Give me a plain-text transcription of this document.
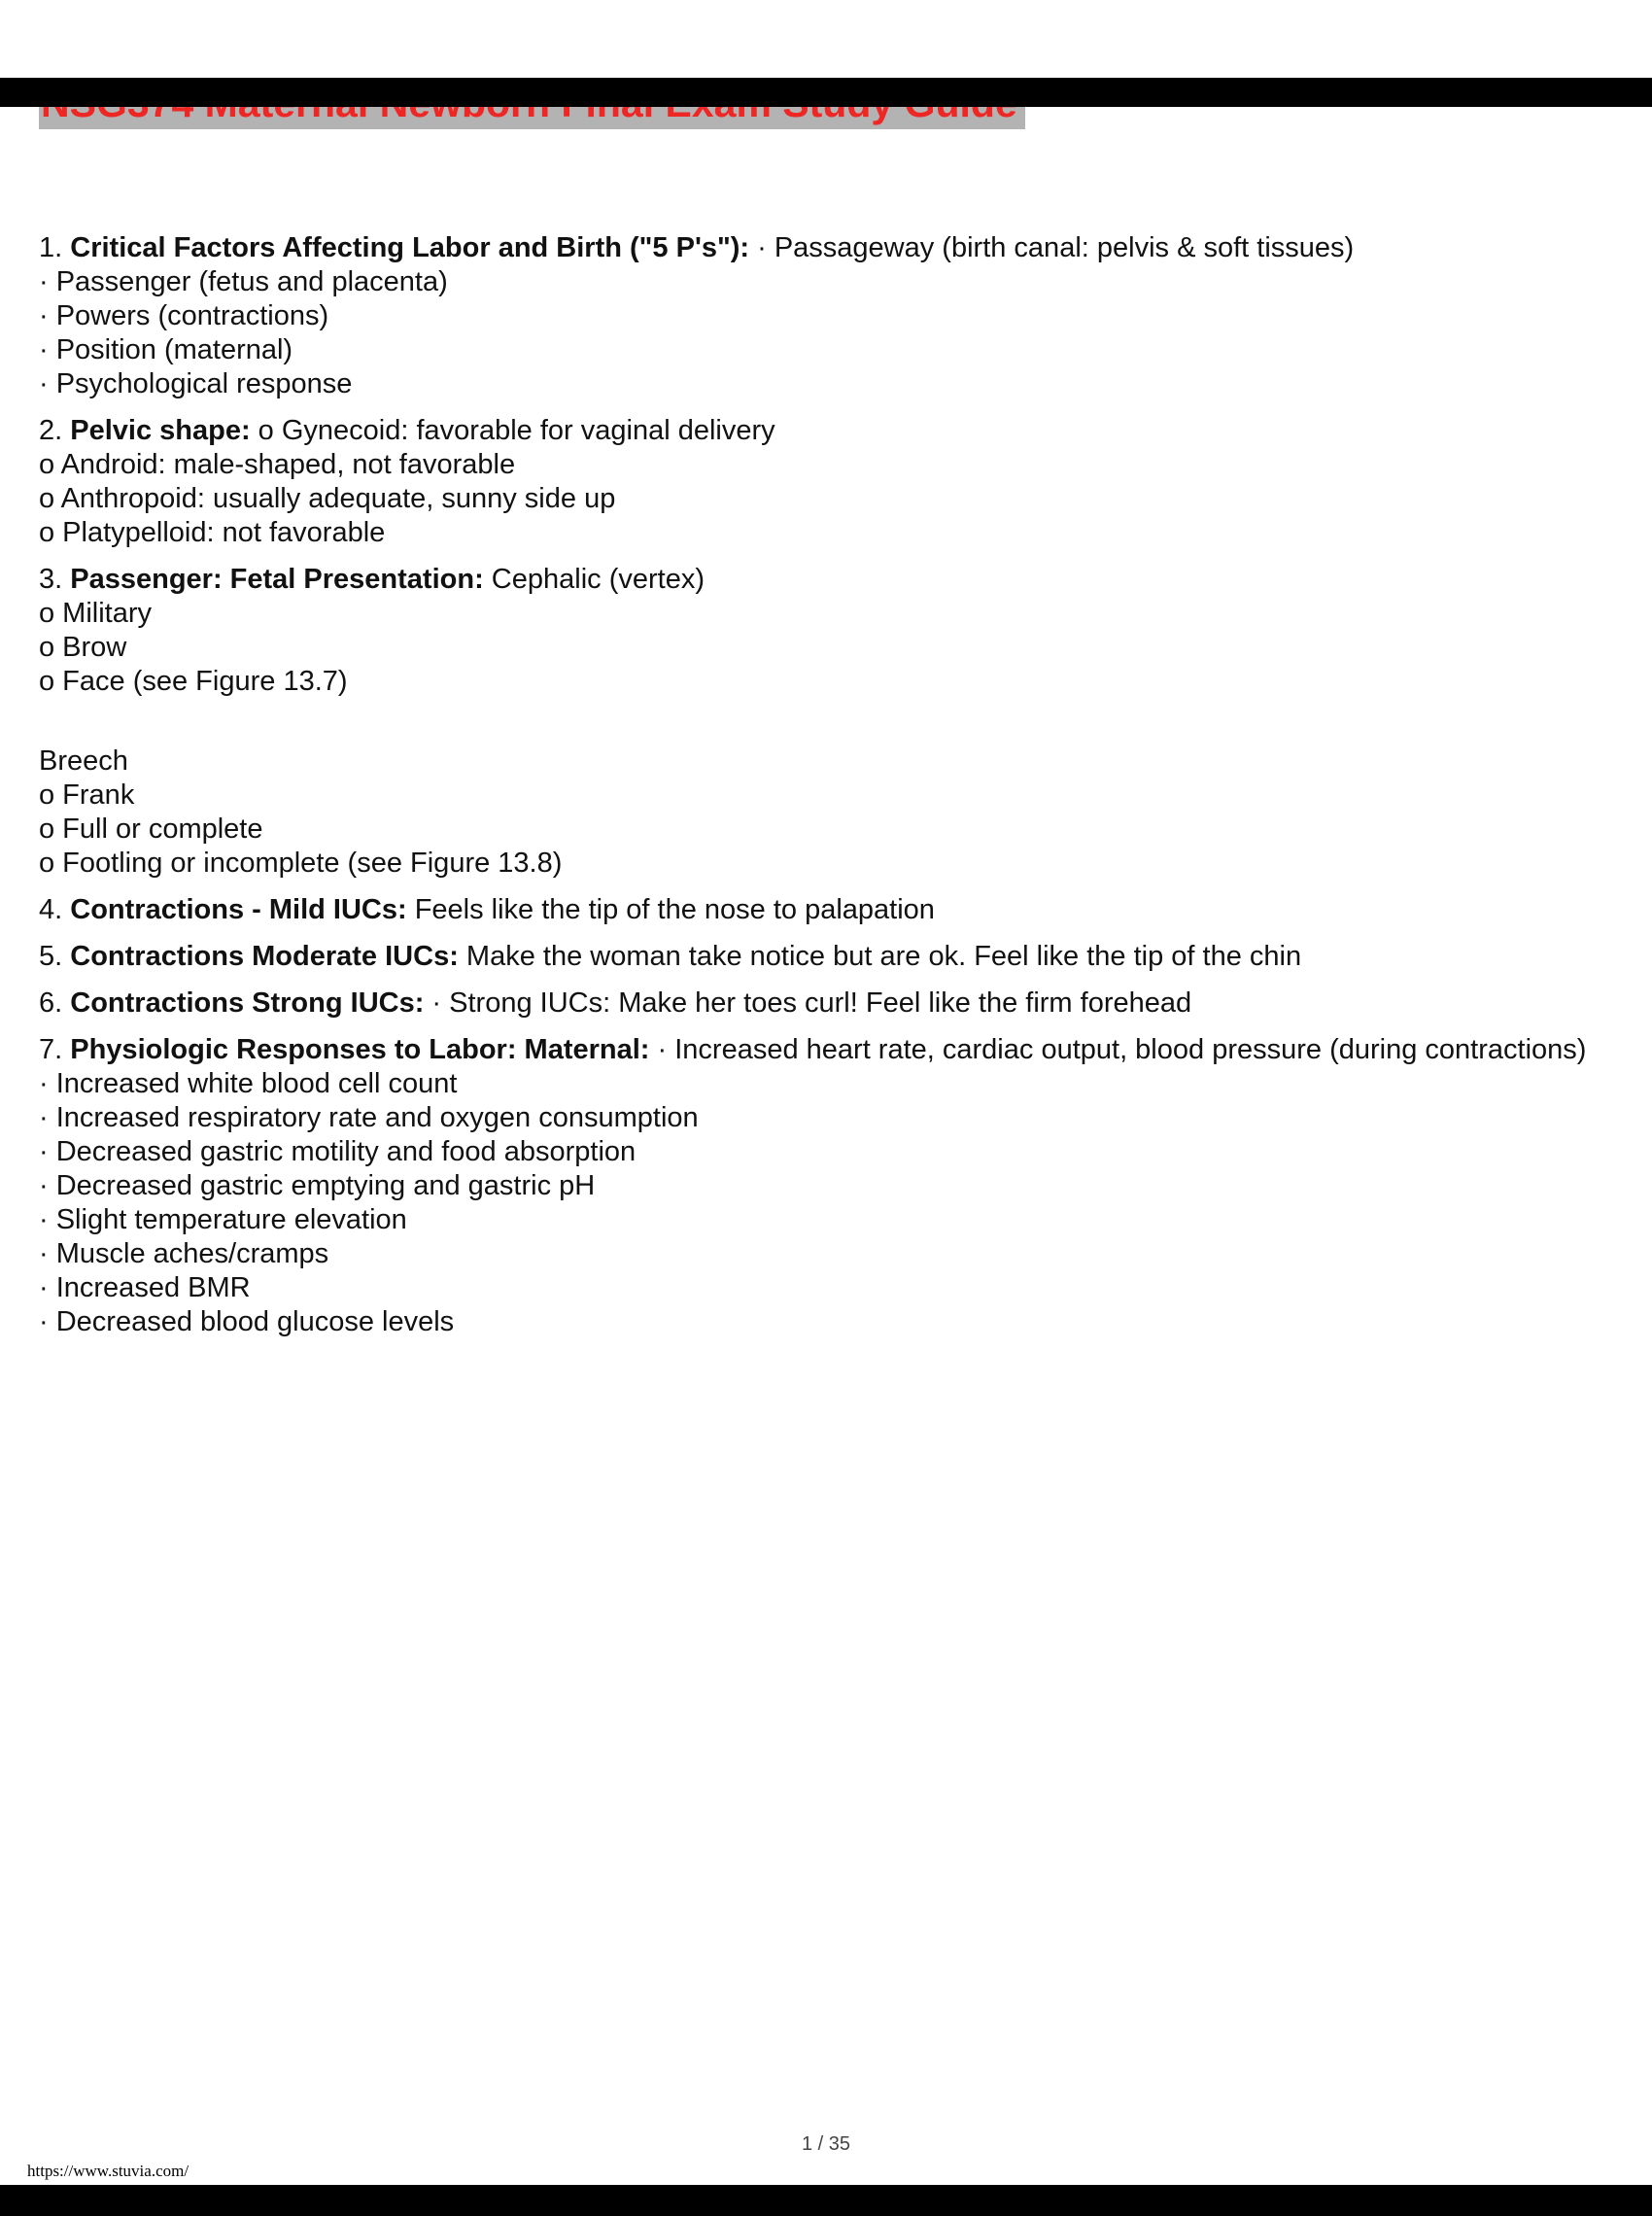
1. Critical Factors Affecting Labor and Birth ("5 P's"): · Passageway (birth canal: pelvis & soft tissues)

· Passenger (fetus and placenta)
· Powers (contractions)
· Position (maternal)
· Psychological response

2. Pelvic shape: o Gynecoid: favorable for vaginal delivery

o Android: male-shaped, not favorable
o Anthropoid: usually adequate, sunny side up
o Platypelloid: not favorable

3. Passenger: Fetal Presentation: Cephalic (vertex)

o Military
o Brow
o Face (see Figure 13.7)

Breech

o Frank
o Full or complete
o Footling or incomplete (see Figure 13.8)

4. Contractions - Mild IUCs: Feels like the tip of the nose to palapation

5. Contractions Moderate IUCs: Make the woman take notice but are ok. Feel like the tip of the chin

6. Contractions Strong IUCs: · Strong IUCs: Make her toes curl! Feel like the firm forehead

7. Physiologic Responses to Labor: Maternal: · Increased heart rate, cardiac output, blood pressure (during contractions)

· Increased white blood cell count
· Increased respiratory rate and oxygen consumption
· Decreased gastric motility and food absorption
· Decreased gastric emptying and gastric pH
· Slight temperature elevation
· Muscle aches/cramps
· Increased BMR
· Decreased blood glucose levels
1 / 35
https://www.stuvia.com/
